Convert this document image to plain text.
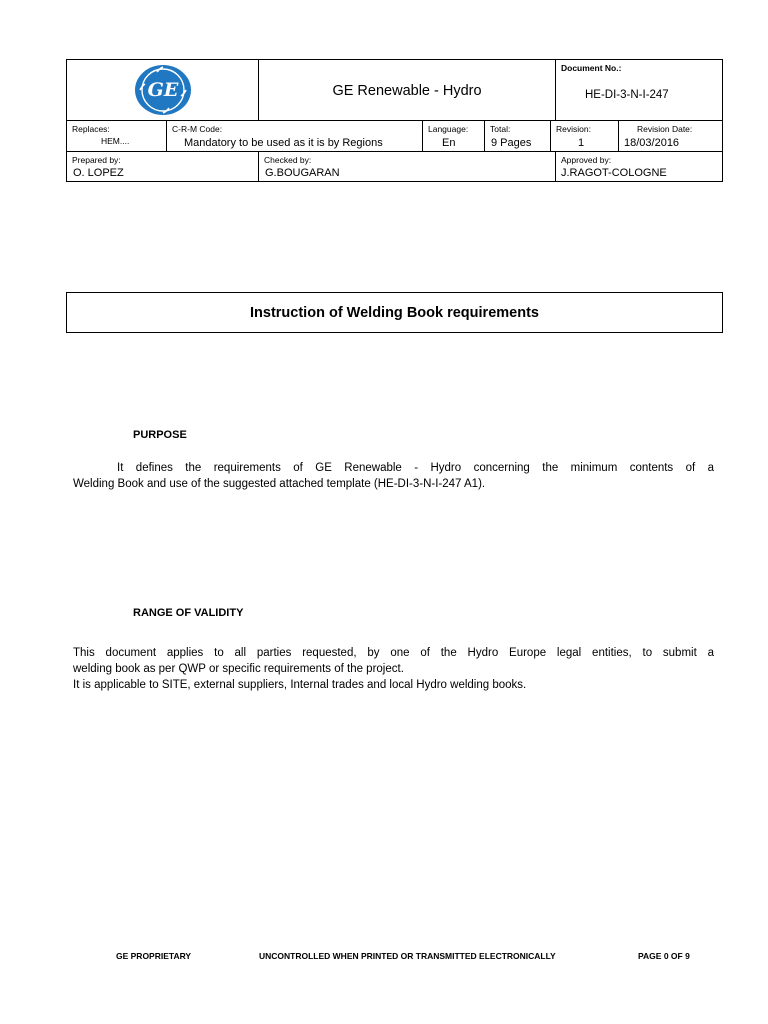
GE	GE Renewable - Hydro
Document No.:
HE-DI-3-N-I-247
Replaces:
HEM....
C-R-M Code:
Mandatory to be used as it is by Regions
Language:
En
Total:
9 Pages
Revision:
1
Revision Date:
18/03/2016
Prepared by:
O. LOPEZ
Checked by:
G.BOUGARAN
Approved by:
J.RAGOT-COLOGNE
Instruction of Welding Book requirements
PURPOSE
It defines the requirements of GE Renewable - Hydro concerning the minimum contents of a
Welding Book and use of the suggested attached template (HE-DI-3-N-I-247 A1).
RANGE OF VALIDITY
This document applies to all parties requested, by one of the Hydro Europe legal entities, to submit a
welding book as per QWP or specific requirements of the project.
It is applicable to SITE, external suppliers, Internal trades and local Hydro welding books.
GE PROPRIETARY	UNCONTROLLED WHEN PRINTED OR TRANSMITTED ELECTRONICALLY	PAGE 0 OF 9
